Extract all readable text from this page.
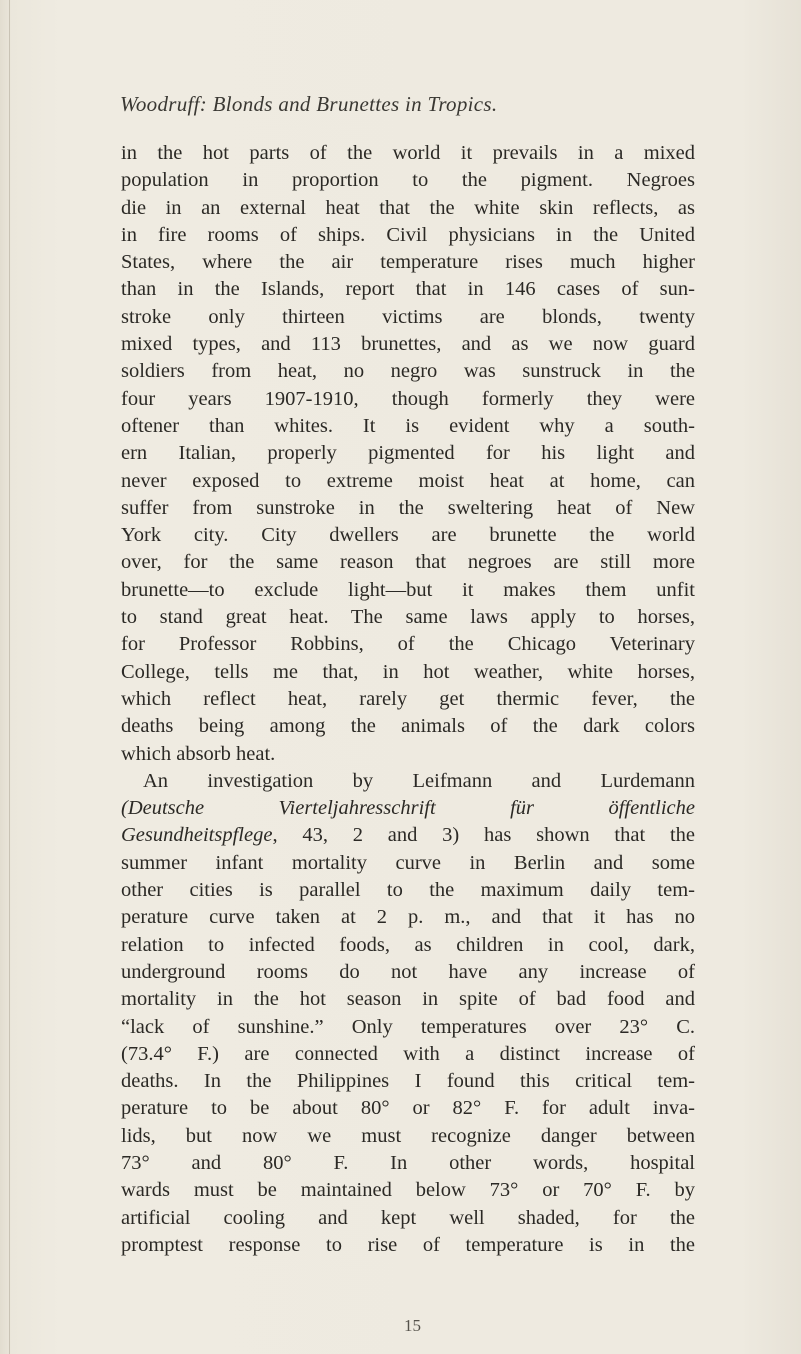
Woodruff: Blonds and Brunettes in Tropics.
in the hot parts of the world it prevails in a mixed
population in proportion to the pigment. Negroes
die in an external heat that the white skin reflects, as
in fire rooms of ships. Civil physicians in the United
States, where the air temperature rises much higher
than in the Islands, report that in 146 cases of sun-
stroke only thirteen victims are blonds, twenty
mixed types, and 113 brunettes, and as we now guard
soldiers from heat, no negro was sunstruck in the
four years 1907-1910, though formerly they were
oftener than whites. It is evident why a south-
ern Italian, properly pigmented for his light and
never exposed to extreme moist heat at home, can
suffer from sunstroke in the sweltering heat of New
York city. City dwellers are brunette the world
over, for the same reason that negroes are still more
brunette—to exclude light—but it makes them unfit
to stand great heat. The same laws apply to horses,
for Professor Robbins, of the Chicago Veterinary
College, tells me that, in hot weather, white horses,
which reflect heat, rarely get thermic fever, the
deaths being among the animals of the dark colors
which absorb heat.
An investigation by Leifmann and Lurdemann
(Deutsche Vierteljahresschrift für öffentliche
Gesundheitspflege, 43, 2 and 3) has shown that the
summer infant mortality curve in Berlin and some
other cities is parallel to the maximum daily tem-
perature curve taken at 2 p. m., and that it has no
relation to infected foods, as children in cool, dark,
underground rooms do not have any increase of
mortality in the hot season in spite of bad food and
“lack of sunshine.” Only temperatures over 23° C.
(73.4° F.) are connected with a distinct increase of
deaths. In the Philippines I found this critical tem-
perature to be about 80° or 82° F. for adult inva-
lids, but now we must recognize danger between
73° and 80° F. In other words, hospital
wards must be maintained below 73° or 70° F. by
artificial cooling and kept well shaded, for the
promptest response to rise of temperature is in the
15
